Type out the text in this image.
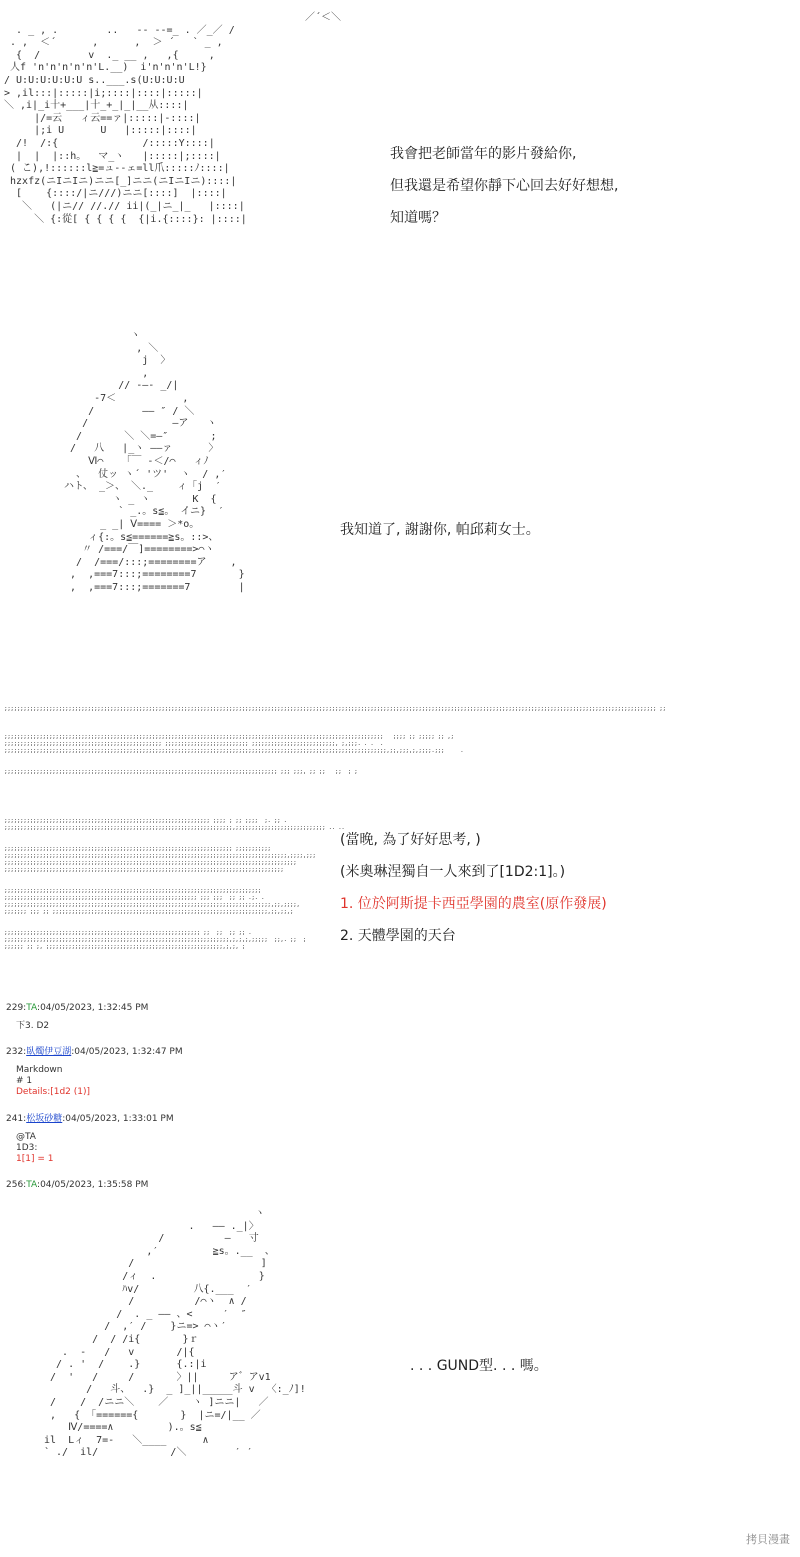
／´＜＼
. _ , .        ..   -- --=_ . ／_／ /
. ,  ＜´      ,      ,  ＞ ´   ` _ ,
{  /        v  ._ __ ,   ,{     ,
人f 'n'n'n'n'n'L.__)  i'n'n'n'L!}
/ U:U:U:U:U:U s..___.s(U:U:U:U
> ,il:::|:::::|i;::::|::::|:::::|
＼ ,i|_i十+___|十_+_|_|__从::::|
|/=云   ィ云==ァ|:::::|-::::|
|;i U      U   |:::::|::::|
/!  /:{              /:::::Y::::|
|  |  |::h。  マ_ヽ   |:::::|;::::|
( こ),!::::::l≧=ュ--ェ=ll爪:::::ﾉ::::|
hzxfz(ニIニIニ)ニニ[_]ニニ(ニIニIニ)::::|
[    {::::/|ニ///)ニニ[::::]  |::::|
＼   (|ニ// //.// ii|(_|ニ_|_   |::::|
＼ {:從[ { { { {  {|i.{::::}: |::::|

我會把老師當年的影片發給你,

但我還是希望你靜下心回去好好想想,

知道嗎？

ヽ
, ＼
j  〉
,
// -―- _/|
-7＜           ,
/        ―― ″ / ＼
/              ―ア   ヽ
/       ＼ ＼=―″       ;
/   八   |_ヽ ――ァ      〉
Ⅵ⌒   「￣ -＜/⌒   ィﾉ
、  仗ッ ヽ´ 'ツ'  ヽ  / ,′
ハト、 _＞、 ＼._    ィ「j  ′
ヽ _ ヽ       K  {
` _.。s≦。 イニ}  ′
_ _| Ⅴ==== ＞*o。
ィ{:。s≦======≧s。::>、
〃 /===/￣]========>⌒ヽ
/  /===/:::;========ア    ,
,  ,===7:::;========7       }
,  ,===7:::;=======7        |

我知道了, 謝謝你, 帕邱莉女士。

;;;;;;;;;;;;;;;;;;;;;;;;;;;;;;;;;;;;;;;;;;;;;;;;;;;;;;;;;;;;;;;;;;;;;;;;;;;;;;;;;;;;;;;;;;;;;;;;;;;;;;;;;;;;;;;;;;;;;;;;;;;;;;;;;;;;;;;;;;;;;;;;;;;;;;;;;;;;;;;;;;;;;;;;;;;;;;;;;;;;;;;;;;;;;;;;;;;;;;;;;;; ;;

;;;;;;;;;;;;;;;;;;;;;;;;;;;;;;;;;;;;;;;;;;;;;;;;;;;;;;;;;;;;;;;;;;;;;;;;;;;;;;;;;;;;;;;;;;;;;;;;;;;;;;;;;;;;;;;;;;;;;;   ;;;; ;; ;;;;; ;; ,;
;;;;;;;;;;;;;;;;;;;;;;;;;;;;;;;;;;;;;;;;;;;;;;;;; ;;;;;;;;;;;;;;;;;;;;;;;;;; ;;;;;;;;;;;;;;;;;;;;;;;;;;, ;,;;;. . .  .
;;;;;;;;;;;;;;;;;;;;;;;;;;;;;;;;;;;;;;;;;;;;;;;;;;;;;;;;;;;;;;;;;;;;;;;;;;;;;;;;;;;;;;;;;;;;;;;;;;;;;;;;;;;;;;;;;;;;;;;,;;,;;;,;,;;;;.;;;     .

;;;;;;;;;;;;;;;;;;;;;;;;;;;;;;;;;;;;;;;;;;;;;;;;;;;;;;;;;;;;;;;;;;;;;;;;;;;;;;;;;;;;; ;;; ;;;, ;; ;;   ;;  ; ;

;;;;;;;;;;;;;;;;;;;;;;;;;;;;;;;;;;;;;;;;;;;;;;;;;;;;;;;;;;;;;;;; ;;;; ; ;; ;;;;  ;. ;; .
;;;;;;;;;;;;;;;;;;;;;;;;;;;;;;;;;;;;;;;;;;;;;;;;;;;;;;;;;;;;;;;;;;;;;;;,;;;;;;;;;;;;;;;;;;;;;;;;;;;; .. ..

;;;;;;;;;;;;;;;;;;;;;;;;;;;;;;;;;;;;;;;;;;;;;;;;;;;;;;;;;;;;;;;;;;;;;;; ;;;;;;;;;;;
;;;;;;;;;;;;;;;;;;;;;;;;;;;;;;;;;;;;;;;;;;;;;;;;;;;;;;;;;;;;;;;;;;;;;;;;;;;;;;;;;;;;;;;;,;;;;,;;;
;;;;;;;;;;;;;;;;;;;;;;;;;;;;;;;;;;;;;;;;;;;;;;;;;;;;;;;;;;;;;;;;;;;;;;;;;;;;;;;;;;;;;;;;;;;
;;;;;;;;;;;;;;;;;;;;;;;;;;;;;;;;;;;;;;;;;;;;;;;;;;;;;;;;;;;;;;;;;;;;;;;;;;;;;;;;;;;;;;;

;;;;;;;;;;;;;;;;;;;;;;;;;;;;;;;;;;;;;;;;;;;;;;;;;;;;;;;;;;;;;;;;;;;;;;;;;;;;;;;;
;;;;;;;;;;;;;;;;;;;;;;;;;;;;;;;;;;;;;;;;;;;;;;;;;;;;;;;;;;;; ;;; ;;;  ;; ;; .;. .
;;;;;;;;;;;;;;;;;;;;;;;;;;;;;;;;;;;;;;;;;;;;;;;;;;;;;;;;;;;;;;;;;;;;;;;;;;;;;;;;;;;,;;,;;;;,
;;;;;;; ;;; ;; ;;;;;;;;;;;;;;;;;;;;;;;;;;;;;;;;;;;;;;;;;;;;;;;;;;;;;;;;;;;;;;;;;;;,;;,;;,;

;;;;;;;;;;;;;;;;;;;;;;;;;;;;;;;;;;;;;;;;;;;;;;;;;;;;;;;;;;;;; ;;  ;;  ;; ;; .
;;;;;;;;;;;;;;;;;;;;;;;;;;;;;;;;;;;;;;;;;;;;;;;;;;;;;;;;;;;;;;;;;;;;;;,;,;,;,;;;;;  ;;,. ;;  ;
;;;;;; ;; ;, ;;;;;;;;;;;;;;;;;;;;;;;;;;;;;;;;;;;;;;;;;;;;;;;;;;;;;;;,;,;, ;

(當晚, 為了好好思考, )

(米奧琳涅獨自一人來到了[1D2:1]。)

1. 位於阿斯提卡西亞學園的農室(原作發展)

2. 天體學園的天台

229:TA:04/05/2023, 1:32:45 PM
下3. D2
232:臥燭伊豆湖:04/05/2023, 1:32:47 PM
Markdown
# 1
Details:[1d2 (1)]
241:松坂砂糖:04/05/2023, 1:33:01 PM
@TA
1D3:
1[1] = 1
256:TA:04/05/2023, 1:35:58 PM
ヽ
.   ―― ._|〉
/          ―   寸
,′         ≧s。.__  、
/                     ]
/ィ  .                 }
ﾊv/         八{.___  ′
/          /⌒ヽ  ∧ /
/  . _ ―― 、<     ′  ″
/  ,′ /    }ニ=> ⌒ヽ′
/  / /i{       }ｒ
.  -   /   v       /|{
/ . '  /    .}      {.:|i
/  '   /     /       〉||     ア゛アv1
/   斗、  .}  _ ]_||_____斗 v  〈:_ﾉ]!
/    /  /ニニ＼    ／    ヽ ]ニニ|   ／
,   { 「======{       }  |ニ=/|__ ／
Ⅳ/====∧         ).。s≦
il  Lィ  7=-   ＼____      ∧
` ./  il/            /＼        ′ ′

. . . GUND型. . . 嗎。

拷貝漫畫
